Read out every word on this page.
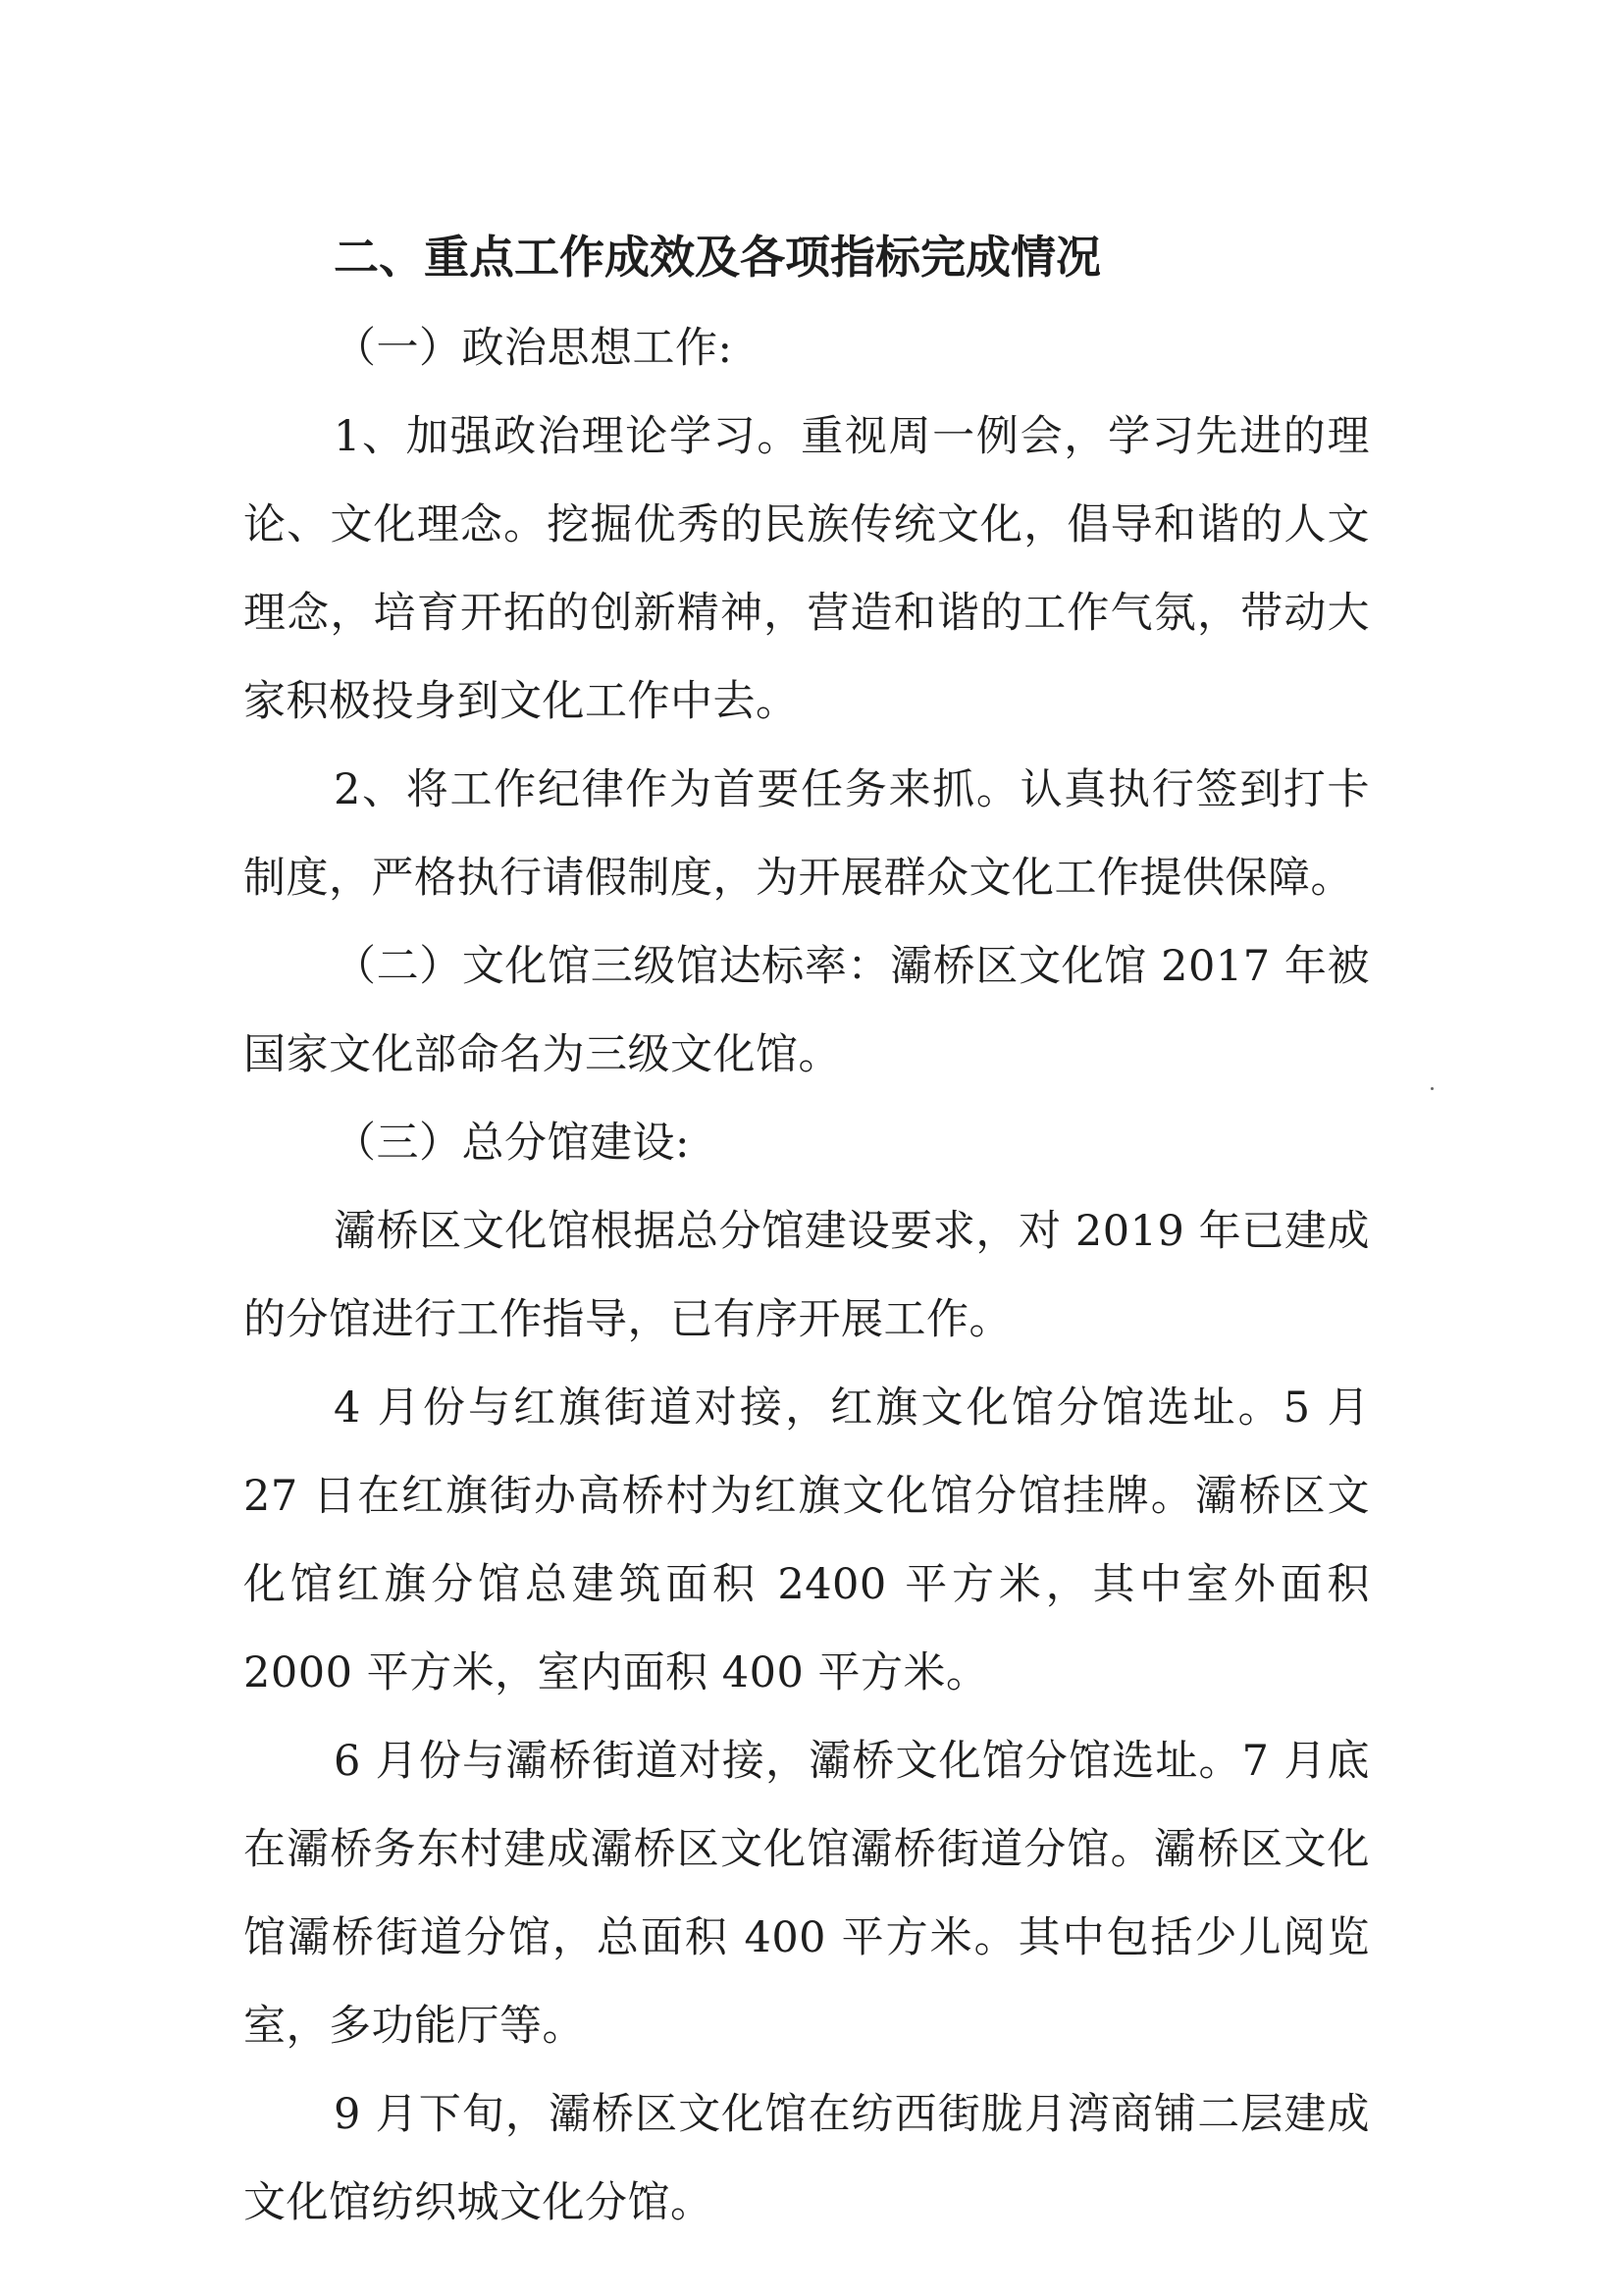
二、重点工作成效及各项指标完成情况

（一）政治思想工作:

1、加强政治理论学习。重视周一例会，学习先进的理论、文化理念。挖掘优秀的民族传统文化，倡导和谐的人文理念，培育开拓的创新精神，营造和谐的工作气氛，带动大家积极投身到文化工作中去。

2、将工作纪律作为首要任务来抓。认真执行签到打卡制度，严格执行请假制度，为开展群众文化工作提供保障。

（二）文化馆三级馆达标率：灞桥区文化馆 2017 年被国家文化部命名为三级文化馆。

（三）总分馆建设:

灞桥区文化馆根据总分馆建设要求，对 2019 年已建成的分馆进行工作指导，已有序开展工作。

4 月份与红旗街道对接，红旗文化馆分馆选址。5 月 27 日在红旗街办高桥村为红旗文化馆分馆挂牌。灞桥区文化馆红旗分馆总建筑面积 2400 平方米，其中室外面积 2000 平方米，室内面积 400 平方米。

6 月份与灞桥街道对接，灞桥文化馆分馆选址。7 月底在灞桥务东村建成灞桥区文化馆灞桥街道分馆。灞桥区文化馆灞桥街道分馆，总面积 400 平方米。其中包括少儿阅览室，多功能厅等。

9 月下旬，灞桥区文化馆在纺西街胧月湾商铺二层建成文化馆纺织城文化分馆。
